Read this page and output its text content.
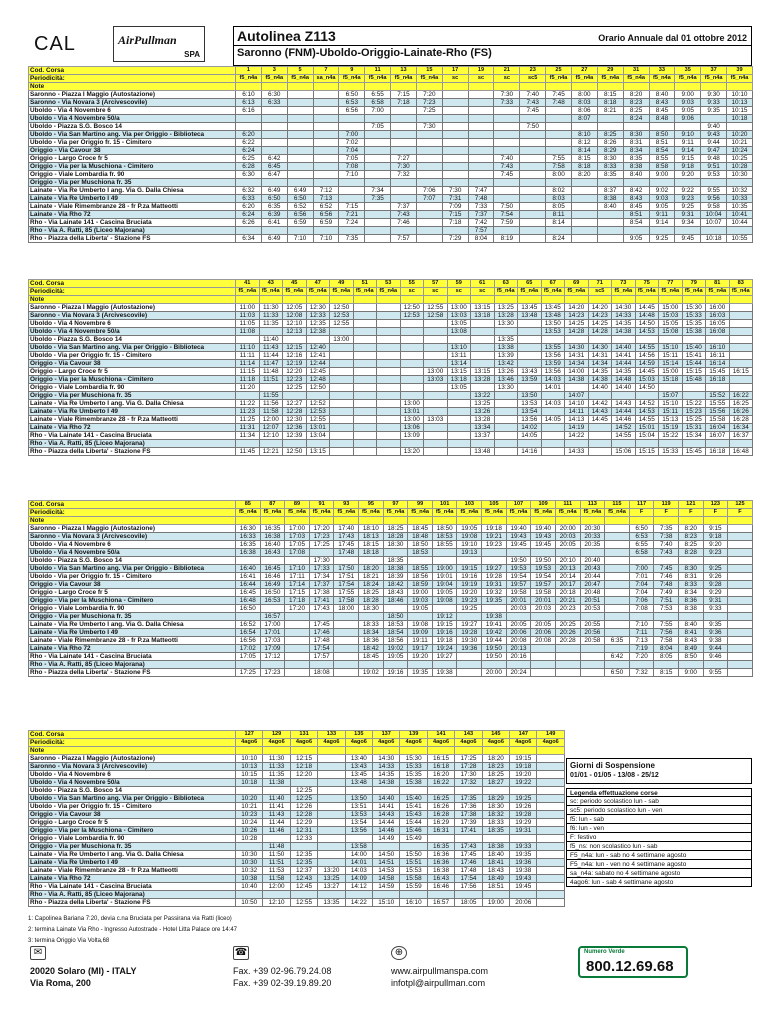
CAL	AirPullman
SPA
Autolinea Z113	Orario Annuale dal 01 ottobre 2012
Saronno (FNM)-Uboldo-Origgio-Lainate-Rho (FS)
Cod. Corsa	1	3	5	7	9	11	13	15	17	19	21	23	25	27	29	31	33	35	37	39
Periodicità:	f5_n4a	f5_n4a	f5_n4a	sa_n4a	f5_n4a	f5_n4a	f5_n4a	f5_n4a	sc	sc	sc	sc5	f5_n4a	f5_n4a	f5_n4a	f5_n4a	f5_n4a	f5_n4a	f5_n4a	f5_n4a
Note																				
Saronno - Piazza I Maggio (Autostazione)	6:10	6:30			6:50	6:55	7:15	7:20			7:30	7:40	7:45	8:00	8:15	8:20	8:40	9:00	9:30	10:10
Saronno - Via Novara 3 (Arcivescovile)	6:13	6:33			6:53	6:58	7:18	7:23			7:33	7:43	7:48	8:03	8:18	8:23	8:43	9:03	9:33	10:13
Uboldo - Via 4 Novembre 6	6:16				6:56	7:00		7:25				7:45		8:06	8:21	8:25	8:45	9:05	9:35	10:15
Uboldo - Via 4 Novembre 50/a														8:07		8:24	8:48	9:06		10:18
Uboldo - Piazza S.G. Bosco 14						7:05		7:30				7:50							9:40	
Uboldo - Via San Martino ang. Via per Origgio - Biblioteca	6:20				7:00									8:10	8:25	8:30	8:50	9:10	9:43	10:20
Uboldo - Via per Origgio fr. 15 - Cimitero	6:22				7:02									8:12	8:26	8:31	8:51	9:11	9:44	10:21
Origgio - Via Cavour 38	6:24				7:04									8:14	8:29	8:34	8:54	9:14	9:47	10:24
Origgio - Largo Croce fr 5	6:25	6:42			7:05		7:27				7:40		7:55	8:15	8:30	8:35	8:55	9:15	9:48	10:25
Origgio - Via per la Muschiona - Cimitero	6:28	6:45			7:08		7:30				7:43		7:58	8:18	8:33	8:38	8:58	9:18	9:51	10:28
Origgio - Viale Lombardia fr. 90	6:30	6:47			7:10		7:32				7:45		8:00	8:20	8:35	8:40	9:00	9:20	9:53	10:30
Origgio - Via per Muschiona fr. 35																				
Lainate - Via Re Umberto I ang. Via G. Dalla Chiesa	6:32	6:49	6:49	7:12		7:34		7:06	7:30	7:47			8:02		8:37	8:42	9:02	9:22	9:55	10:32
Lainate - Via Re Umberto I 49	6:33	6:50	6:50	7:13		7:35		7:07	7:31	7:48			8:03		8:38	8:43	9:03	9:23	9:56	10:33
Lainate - Viale Rimembranze 28 - fr P.za Matteotti	6:20	6:35	6:52	6:52	7:15		7:37		7:09	7:33	7:50		8:05		8:40	8:45	9:05	9:25	9:58	10:35
Lainate - Via Rho 72	6:24	6:39	6:56	6:56	7:21		7:43		7:15	7:37	7:54		8:11			8:51	9:11	9:31	10:04	10:41
Rho - Via Lainate 141 - Cascina Bruciata	6:26	6:41	6:59	6:59	7:24		7:46		7:18	7:42	7:59		8:14			8:54	9:14	9:34	10:07	10:44
Rho - Via A. Ratti, 85 (Liceo Majorana)										7:57										
Rho - Piazza della Liberta' - Stazione FS	6:34	6:49	7:10	7:10	7:35		7:57		7:29	8:04	8:19		8:24			9:05	9:25	9:45	10:18	10:55
Cod. Corsa	41	43	45	47	49	51	53	55	57	59	61	63	65	67	69	71	73	75	77	79	81	83
Periodicità:	f5_n4a	f5_n4a	f5_n4a	f5_n4a	f5_n4a	f5_n4a	f5_n4a	sc	sc	sc	sc	f5_n4a	f5_n4a	f5_n4a	f5_n4a	sc5	f5_n4a	f5_n4a	f5_n4a	f5_n4a	f5_n4a	f5_n4a
Note																						
Saronno - Piazza I Maggio (Autostazione)	11:00	11:30	12:05	12:30	12:50			12:50	12:55	13:00	13:15	13:25	13:45	13:45	14:20	14:20	14:30	14:45	15:00	15:30	16:00	
Saronno - Via Novara 3 (Arcivescovile)	11:03	11:33	12:08	12:33	12:53			12:53	12:58	13:03	13:18	13:28	13:48	13:48	14:23	14:23	14:33	14:48	15:03	15:33	16:03	
Uboldo - Via 4 Novembre 6	11:05	11:35	12:10	12:35	12:55					13:05		13:30		13:50	14:25	14:25	14:35	14:50	15:05	15:35	16:05	
Uboldo - Via 4 Novembre 50/a	11:08		12:13	12:38						13:08				13:53	14:28	14:28	14:38	14:53	15:08	15:38	16:08	
Uboldo - Piazza S.G. Bosco 14		11:40			13:00							13:35										
Uboldo - Via San Martino ang. Via per Origgio - Biblioteca	11:10	11:43	12:15	12:40						13:10		13:38		13:55	14:30	14:30	14:40	14:55	15:10	15:40	16:10	
Uboldo - Via per Origgio fr. 15 - Cimitero	11:11	11:44	12:16	12:41						13:11		13:39		13:56	14:31	14:31	14:41	14:56	15:11	15:41	16:11	
Origgio - Via Cavour 38	11:14	11:47	12:19	12:44						13:14		13:42		13:59	14:34	14:34	14:44	14:59	15:14	15:44	16:14	
Origgio - Largo Croce fr 5	11:15	11:48	12:20	12:45					13:00	13:15	13:15	13:26	13:43	13:56	14:00	14:35	14:35	14:45	15:00	15:15	15:45	16:15
Origgio - Via per la Muschiona - Cimitero	11:18	11:51	12:23	12:48					13:03	13:18	13:28	13:46	13:59	14:03	14:38	14:38	14:48	15:03	15:18	15:48	16:18	
Origgio - Viale Lombardia fr. 90	11:20		12:25	12:50						13:05		13:30		14:01		14:40	14:40	14:50				
Origgio - Via per Muschiona fr. 35		11:55									13:22		13:50		14:07				15:07		15:52	16:22
Lainate - Via Re Umberto I ang. Via G. Dalla Chiesa	11:22	11:56	12:27	12:52				13:00			13:25		13:53	14:03	14:10	14:42	14:43	14:52	15:10	15:22	15:55	16:25
Lainate - Via Re Umberto I 49	11:23	11:58	12:28	12:53				13:01			13:26		13:54		14:11	14:43	14:44	14:53	15:11	15:23	15:56	16:26
Lainate - Viale Rimembranze 28 - fr P.za Matteotti	11:25	12:00	12:30	12:55				13:00	13:03		13:28		13:56	14:05	14:13	14:45	14:46	14:55	15:13	15:25	15:58	16:28
Lainate - Via Rho 72	11:31	12:07	12:36	13:01				13:06			13:34		14:02		14:19		14:52	15:01	15:19	15:31	16:04	16:34
Rho - Via Lainate 141 - Cascina Bruciata	11:34	12:10	12:39	13:04				13:09			13:37		14:05		14:22		14:55	15:04	15:22	15:34	16:07	16:37
Rho - Via A. Ratti, 85 (Liceo Majorana)																						
Rho - Piazza della Liberta' - Stazione FS	11:45	12:21	12:50	13:15				13:20			13:48		14:16		14:33		15:06	15:15	15:33	15:45	16:18	16:48
Cod. Corsa	85	87	89	91	93	95	97	99	101	103	105	107	109	111	113	115	117	119	121	123	125
Periodicità:	f5_n4a	f5_n4a	f5_n4a	f5_n4a	f5_n4a	f5_n4a	f5_n4a	f5_n4a	f5_n4a	f5_n4a	f5_n4a	f5_n4a	f5_n4a	f5_n4a	f5_n4a	f5_n4a	F	F	F	F	F
Note																					
Saronno - Piazza I Maggio (Autostazione)	16:30	16:35	17:00	17:20	17:40	18:10	18:25	18:45	18:50	19:05	19:18	19:40	19:40	20:00	20:30		6:50	7:35	8:20	9:15	
Saronno - Via Novara 3 (Arcivescovile)	16:33	16:38	17:03	17:23	17:43	18:13	18:28	18:48	18:53	19:08	19:21	19:43	19:43	20:03	20:33		6:53	7:38	8:23	9:18	
Uboldo - Via 4 Novembre 6	16:35	16:40	17:05	17:25	17:45	18:15	18:30	18:50	18:55	19:10	19:23	19:45	19:45	20:05	20:35		6:55	7:40	8:25	9:20	
Uboldo - Via 4 Novembre 50/a	16:38	16:43	17:08		17:48	18:18		18:53		19:13							6:58	7:43	8:28	9:23	
Uboldo - Piazza S.G. Bosco 14				17:30			18:35					19:50	19:50	20:10	20:40						
Uboldo - Via San Martino ang. Via per Origgio - Biblioteca	16:40	16:45	17:10	17:33	17:50	18:20	18:38	18:55	19:00	19:15	19:27	19:53	19:53	20:13	20:43		7:00	7:45	8:30	9:25	
Uboldo - Via per Origgio fr. 15 - Cimitero	16:41	16:46	17:11	17:34	17:51	18:21	18:39	18:56	19:01	19:16	19:28	19:54	19:54	20:14	20:44		7:01	7:46	8:31	9:26	
Origgio - Via Cavour 38	16:44	16:49	17:14	17:37	17:54	18:24	18:42	18:59	19:04	19:19	19:31	19:57	19:57	20:17	20:47		7:04	7:48	8:33	9:28	
Origgio - Largo Croce fr 5	16:45	16:50	17:15	17:38	17:55	18:25	18:43	19:00	19:05	19:20	19:32	19:58	19:58	20:18	20:48		7:04	7:49	8:34	9:29	
Origgio - Via per la Muschiona - Cimitero	16:48	16:53	17:18	17:41	17:58	18:28	18:46	19:03	19:08	19:23	19:35	20:01	20:01	20:21	20:51		7:06	7:51	8:36	9:31	
Origgio - Viale Lombardia fr. 90	16:50		17:20	17:43	18:00	18:30		19:05		19:25		20:03	20:03	20:23	20:53		7:08	7:53	8:38	9:33	
Origgio - Via per Muschiona fr. 35		16:57					18:50		19:12		19:38										
Lainate - Via Re Umberto I ang. Via G. Dalla Chiesa	16:52	17:00		17:45		18:33	18:53	19:08	19:15	19:27	19:41	20:05	20:05	20:25	20:55		7:10	7:55	8:40	9:35	
Lainate - Via Re Umberto I 49	16:54	17:01		17:46		18:34	18:54	19:09	19:16	19:28	19:42	20:06	20:06	20:26	20:56		7:11	7:56	8:41	9:36	
Lainate - Viale Rimembranze 28 - fr P.za Matteotti	16:56	17:03		17:48		18:36	18:56	19:11	19:18	19:30	19:44	20:08	20:08	20:28	20:58	6:35	7:13	7:58	8:43	9:38	
Lainate - Via Rho 72	17:02	17:09		17:54		18:42	19:02	19:17	19:24	19:36	19:50	20:13					7:19	8:04	8:49	9:44	
Rho - Via Lainate 141 - Cascina Bruciata	17:05	17:12		17:57		18:45	19:05	19:20	19:27		19:50	20:16				6:42	7:20	8:05	8:50	9:46	
Rho - Via A. Ratti, 85 (Liceo Majorana)																					
Rho - Piazza della Liberta' - Stazione FS	17:25	17:23		18:08		19:02	19:16	19:35	19:38		20:00	20:24				6:50	7:32	8:15	9:00	9:55	
Cod. Corsa	127	129	131	133	135	137	139	141	143	145	147	149
Periodicità:	4ago6	4ago6	4ago6	4ago6	4ago6	4ago6	4ago6	4ago6	4ago6	4ago6	4ago6	4ago6
Note												
Saronno - Piazza I Maggio (Autostazione)	10:10	11:30	12:15		13:40	14:30	15:30	16:15	17:25	18:20	19:15	
Saronno - Via Novara 3 (Arcivescovile)	10:13	11:33	12:18		13:43	14:33	15:33	16:18	17:28	18:23	19:18	
Uboldo - Via 4 Novembre 6	10:15	11:35	12:20		13:45	14:35	15:35	16:20	17:30	18:25	19:20	
Uboldo - Via 4 Novembre 50/a	10:18	11:38			13:48	14:38	15:38	16:22	17:32	18:27	19:22	
Uboldo - Piazza S.G. Bosco 14			12:25									
Uboldo - Via San Martino ang. Via per Origgio - Biblioteca	10:20	11:40	12:25		13:50	14:40	15:40	16:25	17:35	18:29	19:25	
Uboldo - Via per Origgio fr. 15 - Cimitero	10:21	11:41	12:26		13:51	14:41	15:41	16:26	17:36	18:30	19:26	
Origgio - Via Cavour 38	10:23	11:43	12:28		13:53	14:43	15:43	16:28	17:38	18:32	19:28	
Origgio - Largo Croce fr 5	10:24	11:44	12:29		13:54	14:44	15:44	16:29	17:39	18:33	19:29	
Origgio - Via per la Muschiona - Cimitero	10:26	11:46	12:31		13:56	14:46	15:46	16:31	17:41	18:35	19:31	
Origgio - Viale Lombardia fr. 90	10:28		12:33			14:49	15:49					
Origgio - Via per Muschiona fr. 35		11:48			13:58			16:35	17:43	18:38	19:33	
Lainate - Via Re Umberto I ang. Via G. Dalla Chiesa	10:30	11:50	12:35		14:00	14:50	15:50	16:36	17:45	18:40	19:35	
Lainate - Via Re Umberto I 49	10:30	11:51	12:35		14:01	14:51	15:51	16:36	17:46	18:41	19:36	
Lainate - Viale Rimembranze 28 - fr P.za Matteotti	10:32	11:53	12:37	13:20	14:03	14:53	15:53	16:38	17:48	18:43	19:38	
Lainate - Via Rho 72	10:38	11:58	12:43	13:25	14:09	14:58	15:58	16:43	17:54	18:49	19:43	
Rho - Via Lainate 141 - Cascina Bruciata	10:40	12:00	12:45	13:27	14:12	14:59	15:59	16:46	17:56	18:51	19:45	
Rho - Via A. Ratti, 85 (Liceo Majorana)												
Rho - Piazza della Liberta' - Stazione FS	10:50	12:10	12:55	13:35	14:22	15:10	16:10	16:57	18:05	19:00	20:06	
Giorni di Sospensione
01/01 - 01/05 - 13/08 - 25/12
Legenda effettuazione corse
sc: periodo scolastico lun - sab
sc5: periodo scolastico lun - ven
f5: lun - sab
f6: lun - ven
F: festivo
f5_ns: non scolastico lun - sab
F5_n4a: lun - sab no 4 settimane agosto
F5_n4a: lun - ven no 4 settimane agosto
sa_n4a: sabato no 4 settimane agosto
4ago6: lun - sab 4 settimane agosto
1: Capolinea Bariana 7:20, devia c.na Bruciata per Passirana via Ratti (liceo)
2: termina Lainate Via Rho - Ingresso Autostrade - Hotel Litta Palace ore 14:47
3: termina Origgio Via Volta,68
✉
20020 Solaro (MI) - ITALY
Via Roma, 200
☎
Fax. +39 02-96.79.24.08
Fax. +39 02-39.19.89.20
⊕
www.airpullmanspa.com
infotpl@airpullman.com
Numero Verde
800.12.69.68
